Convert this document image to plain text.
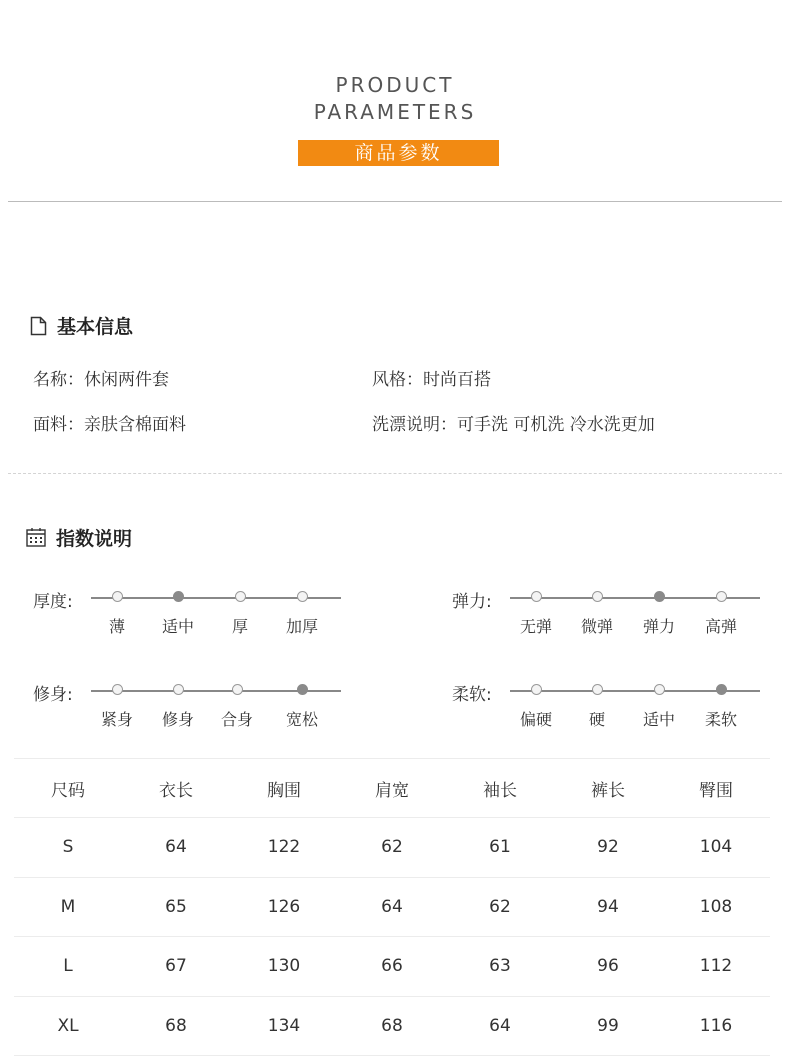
PRODUCT
PARAMETERS
商品参数
基本信息
名称：休闲两件套	风格：时尚百搭
面料：亲肤含棉面料	洗漂说明：可手洗 可机洗 冷水洗更加
指数说明
厚度:
薄 适中 厚 加厚
弹力:
无弹 微弹 弹力 高弹
修身:
紧身 修身 合身 宽松
柔软:
偏硬 硬 适中 柔软
尺码	衣长	胸围	肩宽	袖长	裤长	臀围
S	64	122	62	61	92	104
M	65	126	64	62	94	108
L	67	130	66	63	96	112
XL	68	134	68	64	99	116
